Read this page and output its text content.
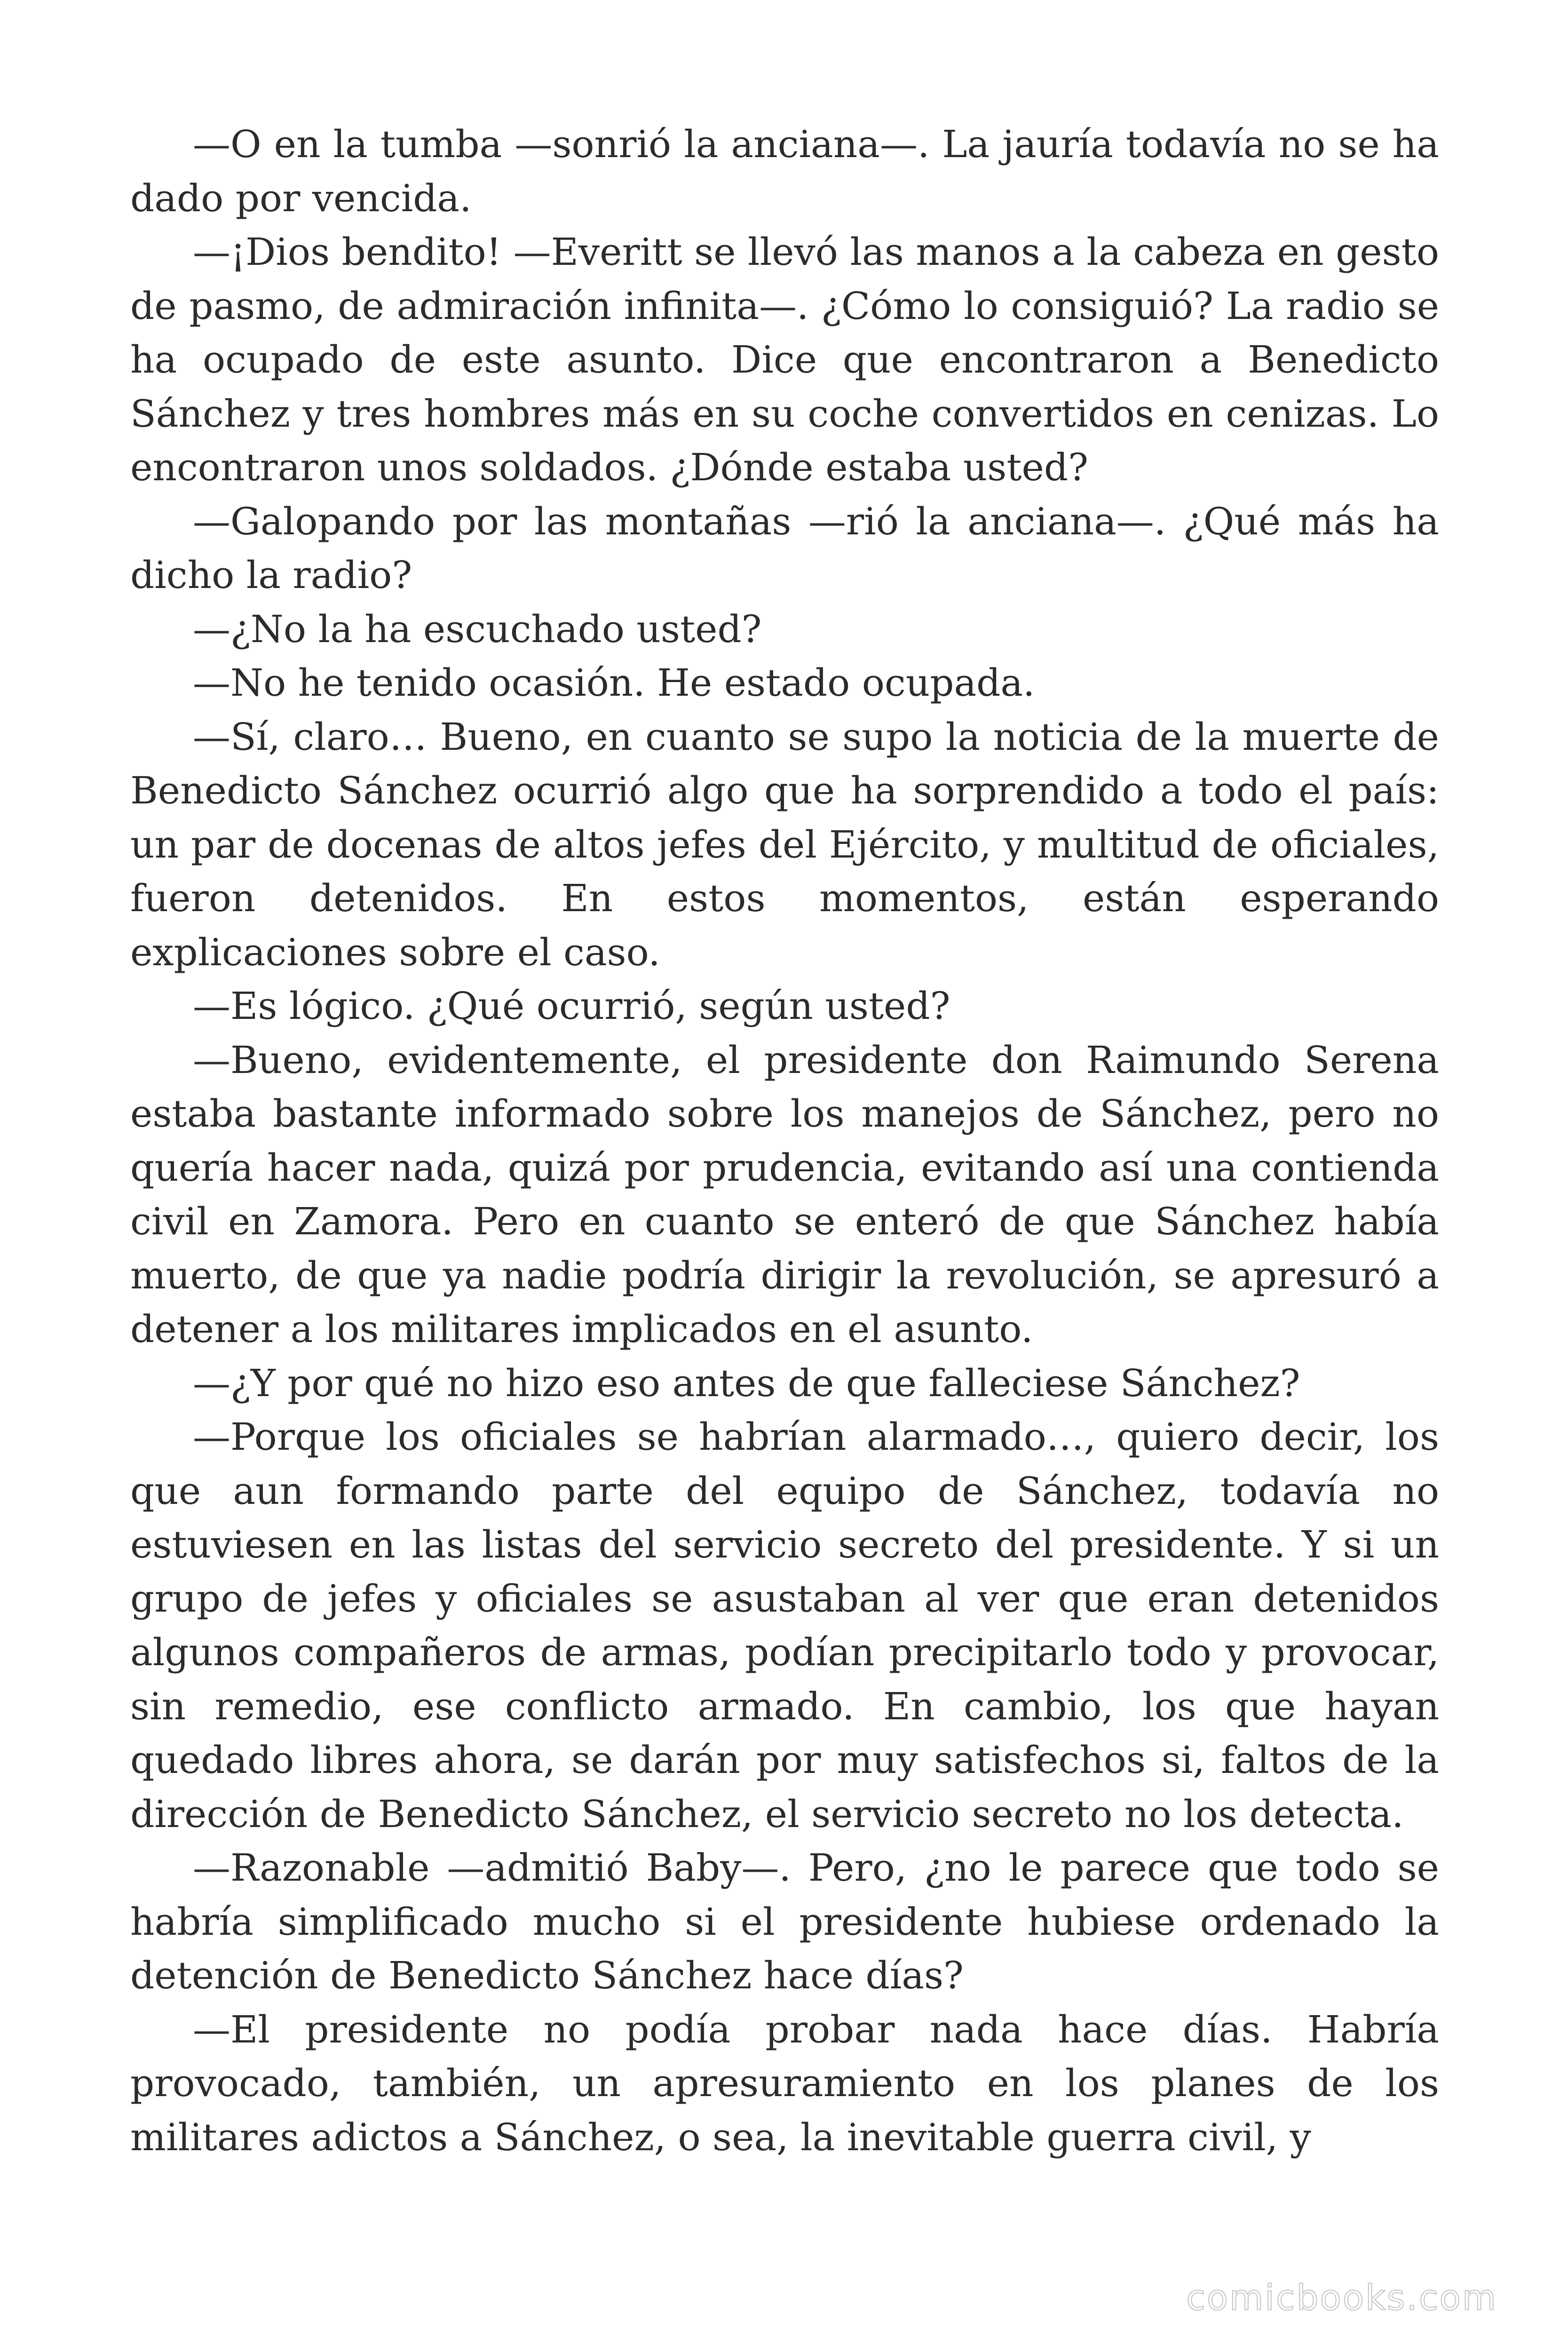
—O en la tumba —sonrió la anciana—. La jauría todavía no se ha dado por vencida.

—¡Dios bendito! —Everitt se llevó las manos a la cabeza en gesto de pasmo, de admiración infinita—. ¿Cómo lo consiguió? La radio se ha ocupado de este asunto. Dice que encontraron a Benedicto Sánchez y tres hombres más en su coche convertidos en cenizas. Lo encontraron unos soldados. ¿Dónde estaba usted?

—Galopando por las montañas —rió la anciana—. ¿Qué más ha dicho la radio?

—¿No la ha escuchado usted?

—No he tenido ocasión. He estado ocupada.

—Sí, claro… Bueno, en cuanto se supo la noticia de la muerte de Benedicto Sánchez ocurrió algo que ha sorprendido a todo el país: un par de docenas de altos jefes del Ejército, y multitud de oficiales, fueron detenidos. En estos momentos, están esperando explicaciones sobre el caso.

—Es lógico. ¿Qué ocurrió, según usted?

—Bueno, evidentemente, el presidente don Raimundo Serena estaba bastante informado sobre los manejos de Sánchez, pero no quería hacer nada, quizá por prudencia, evitando así una contienda civil en Zamora. Pero en cuanto se enteró de que Sánchez había muerto, de que ya nadie podría dirigir la revolución, se apresuró a detener a los militares implicados en el asunto.

—¿Y por qué no hizo eso antes de que falleciese Sánchez?

—Porque los oficiales se habrían alarmado…, quiero decir, los que aun formando parte del equipo de Sánchez, todavía no estuviesen en las listas del servicio secreto del presidente. Y si un grupo de jefes y oficiales se asustaban al ver que eran detenidos algunos compañeros de armas, podían precipitarlo todo y provocar, sin remedio, ese conflicto armado. En cambio, los que hayan quedado libres ahora, se darán por muy satisfechos si, faltos de la dirección de Benedicto Sánchez, el servicio secreto no los detecta.

—Razonable —admitió Baby—. Pero, ¿no le parece que todo se habría simplificado mucho si el presidente hubiese ordenado la detención de Benedicto Sánchez hace días?

—El presidente no podía probar nada hace días. Habría provocado, también, un apresuramiento en los planes de los militares adictos a Sánchez, o sea, la inevitable guerra civil, y

comicbooks.com
